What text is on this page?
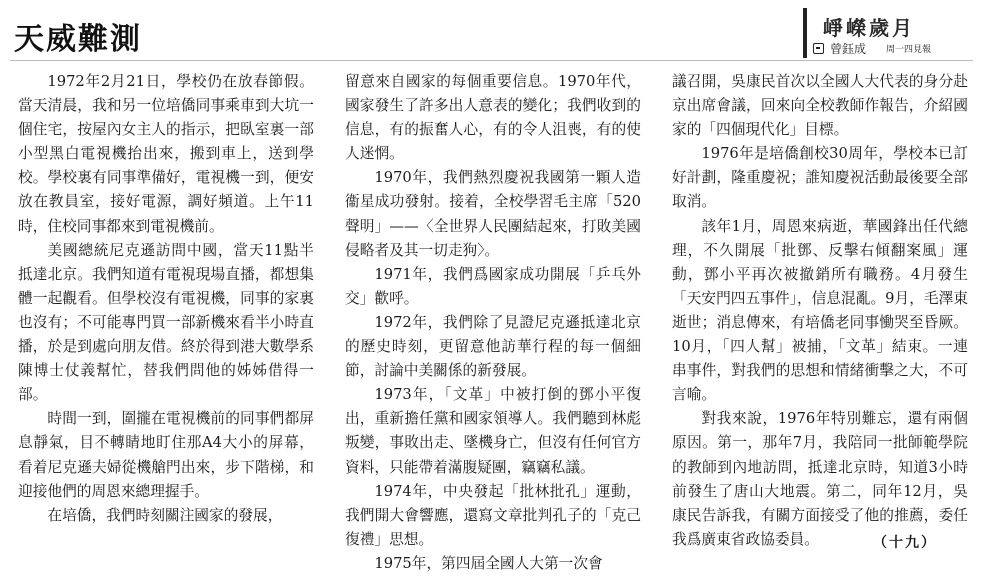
天威難測	崢嶸歲月
曾鈺成 周一四見報

1972年2月21日，學校仍在放春節假。當天清晨，我和另一位培僑同事乘車到大坑一個住宅，按屋內女主人的指示，把臥室裏一部小型黑白電視機抬出來，搬到車上，送到學校。學校裏有同事準備好，電視機一到，便安放在教員室，接好電源，調好頻道。上午11時，住校同事都來到電視機前。

美國總統尼克遜訪問中國，當天11點半抵達北京。我們知道有電視現場直播，都想集體一起觀看。但學校沒有電視機，同事的家裏也沒有；不可能專門買一部新機來看半小時直播，於是到處向朋友借。終於得到港大數學系陳博士仗義幫忙，替我們問他的姊姊借得一部。

時間一到，圍攏在電視機前的同事們都屏息靜氣，目不轉睛地盯住那A4大小的屏幕，看着尼克遜夫婦從機艙門出來，步下階梯，和迎接他們的周恩來總理握手。

在培僑，我們時刻關注國家的發展，

留意來自國家的每個重要信息。1970年代，國家發生了許多出人意表的變化；我們收到的信息，有的振奮人心，有的令人沮喪，有的使人迷惘。

1970年，我們熱烈慶祝我國第一顆人造衞星成功發射。接着，全校學習毛主席「520聲明」——〈全世界人民團結起來，打敗美國侵略者及其一切走狗〉。

1971年，我們爲國家成功開展「乒乓外交」歡呼。

1972年，我們除了見證尼克遜抵達北京的歷史時刻，更留意他訪華行程的每一個細節，討論中美關係的新發展。

1973年，「文革」中被打倒的鄧小平復出，重新擔任黨和國家領導人。我們聽到林彪叛變，事敗出走、墜機身亡，但沒有任何官方資料，只能帶着滿腹疑團，竊竊私議。

1974年，中央發起「批林批孔」運動，我們開大會響應，還寫文章批判孔子的「克己復禮」思想。

1975年，第四屆全國人大第一次會

議召開，吳康民首次以全國人大代表的身分赴京出席會議，回來向全校教師作報告，介紹國家的「四個現代化」目標。

1976年是培僑創校30周年，學校本已訂好計劃，隆重慶祝；誰知慶祝活動最後要全部取消。

該年1月，周恩來病逝，華國鋒出任代總理，不久開展「批鄧、反擊右傾翻案風」運動，鄧小平再次被撤銷所有職務。4月發生「天安門四五事件」，信息混亂。9月，毛澤東逝世；消息傳來，有培僑老同事慟哭至昏厥。10月，「四人幫」被捕，「文革」結束。一連串事件，對我們的思想和情緒衝擊之大，不可言喻。

對我來說，1976年特別難忘，還有兩個原因。第一，那年7月，我陪同一批師範學院的教師到內地訪問，抵達北京時，知道3小時前發生了唐山大地震。第二，同年12月，吳康民告訴我，有關方面接受了他的推薦，委任我爲廣東省政協委員。	（十九）
